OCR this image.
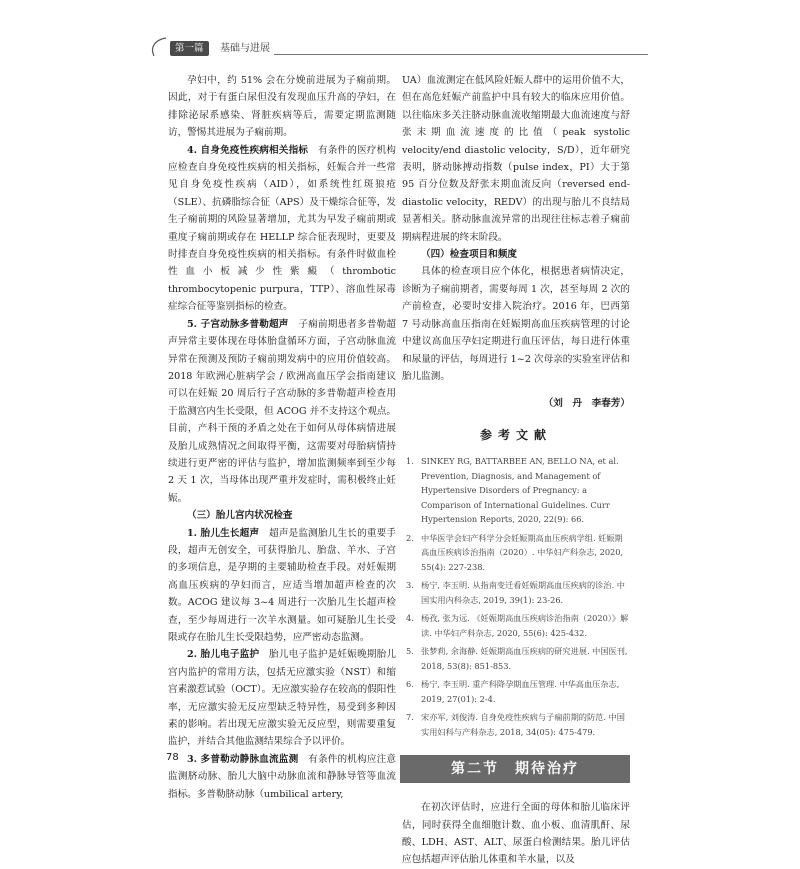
第一篇	基础与进展

孕妇中，约 51% 会在分娩前进展为子痫前期。因此，对于有蛋白尿但没有发现血压升高的孕妇，在排除泌尿系感染、肾脏疾病等后，需要定期监测随访，警惕其进展为子痫前期。

4. 自身免疫性疾病相关指标　 有条件的医疗机构应检查自身免疫性疾病的相关指标，妊娠合并一些常见自身免疫性疾病（AID），如系统性红斑狼疮（SLE）、抗磷脂综合征（APS）及干燥综合征等，发生子痫前期的风险显著增加，尤其为早发子痫前期或重度子痫前期或存在 HELLP 综合征表现时，更要及时排查自身免疫性疾病的相关指标。有条件时做血栓性血小板减少性紫癜（thrombotic thrombocytopenic purpura，TTP）、溶血性尿毒症综合征等鉴别指标的检查。

5. 子宫动脉多普勒超声　 子痫前期患者多普勒超声异常主要体现在母体胎盘循环方面，子宫动脉血流异常在预测及预防子痫前期发病中的应用价值较高。2018 年欧洲心脏病学会 / 欧洲高血压学会指南建议可以在妊娠 20 周后行子宫动脉的多普勒超声检查用于监测宫内生长受限，但 ACOG 并不支持这个观点。目前，产科干预的矛盾之处在于如何从母体病情进展及胎儿成熟情况之间取得平衡，这需要对母胎病情持续进行更严密的评估与监护，增加监测频率到至少每 2 天 1 次，当母体出现严重并发症时，需积极终止妊娠。

（三）胎儿宫内状况检查

1. 胎儿生长超声　 超声是监测胎儿生长的重要手段，超声无创安全，可获得胎儿、胎盘、羊水、子宫的多项信息，是孕期的主要辅助检查手段。对妊娠期高血压疾病的孕妇而言，应适当增加超声检查的次数。ACOG 建议每 3~4 周进行一次胎儿生长超声检查，至少每周进行一次羊水测量。如可疑胎儿生长受限或存在胎儿生长受限趋势，应严密动态监测。

2. 胎儿电子监护　 胎儿电子监护是妊娠晚期胎儿宫内监护的常用方法，包括无应激实验（NST）和缩宫素激惹试验（OCT）。无应激实验存在较高的假阳性率，无应激实验无反应型缺乏特异性，易受到多种因素的影响。若出现无应激实验无反应型，则需要重复监护，并结合其他监测结果综合予以评价。

3. 多普勒动静脉血流监测　 有条件的机构应注意监测脐动脉、胎儿大脑中动脉血流和静脉导管等血流指标。多普勒脐动脉（umbilical artery,

UA）血流测定在低风险妊娠人群中的运用价值不大，但在高危妊娠产前监护中具有较大的临床应用价值。以往临床多关注脐动脉血流收缩期最大血流速度与舒张末期血流速度的比值（peak systolic velocity/end diastolic velocity，S/D），近年研究表明，脐动脉搏动指数（pulse index，PI）大于第 95 百分位数及舒张末期血流反向（reversed end-diastolic velocity，REDV）的出现与胎儿不良结局显著相关。脐动脉血流异常的出现往往标志着子痫前期病程进展的终末阶段。

（四）检查项目和频度

具体的检查项目应个体化，根据患者病情决定，诊断为子痫前期者，需要每周 1 次，甚至每周 2 次的产前检查，必要时安排入院治疗。2016 年，巴西第 7 号动脉高血压指南在妊娠期高血压疾病管理的讨论中建议高血压孕妇定期进行血压评估，每日进行体重和尿量的评估，每周进行 1~2 次母亲的实验室评估和胎儿监测。

（刘　丹　李春芳）

参考文献
1. SINKEY RG, BATTARBEE AN, BELLO NA, et al. Prevention, Diagnosis, and Management of Hypertensive Disorders of Pregnancy: a Comparison of International Guidelines. Curr Hypertension Reports, 2020, 22(9): 66.
2. 中华医学会妇产科学分会妊娠期高血压疾病学组. 妊娠期高血压疾病诊治指南（2020）. 中华妇产科杂志, 2020, 55(4): 227-238.
3. 杨宁, 李玉明. 从指南变迁看妊娠期高血压疾病的诊治. 中国实用内科杂志, 2019, 39(1): 23-26.
4. 杨孜, 张为远. 《妊娠期高血压疾病诊治指南（2020）》解读. 中华妇产科杂志, 2020, 55(6): 425-432.
5. 张梦莉, 余海静. 妊娠期高血压疾病的研究进展. 中国医刊, 2018, 53(8): 851-853.
6. 杨宁, 李玉明. 重产科降孕期血压管理. 中华高血压杂志, 2019, 27(01): 2-4.
7. 宋亦军, 刘俊涛. 自身免疫性疾病与子痫前期的防范. 中国实用妇科与产科杂志, 2018, 34(05): 475-479.
第二节　期待治疗

在初次评估时，应进行全面的母体和胎儿临床评估，同时获得全血细胞计数、血小板、血清肌酐、尿酸、LDH、AST、ALT、尿蛋白检测结果。胎儿评估应包括超声评估胎儿体重和羊水量，以及

78
